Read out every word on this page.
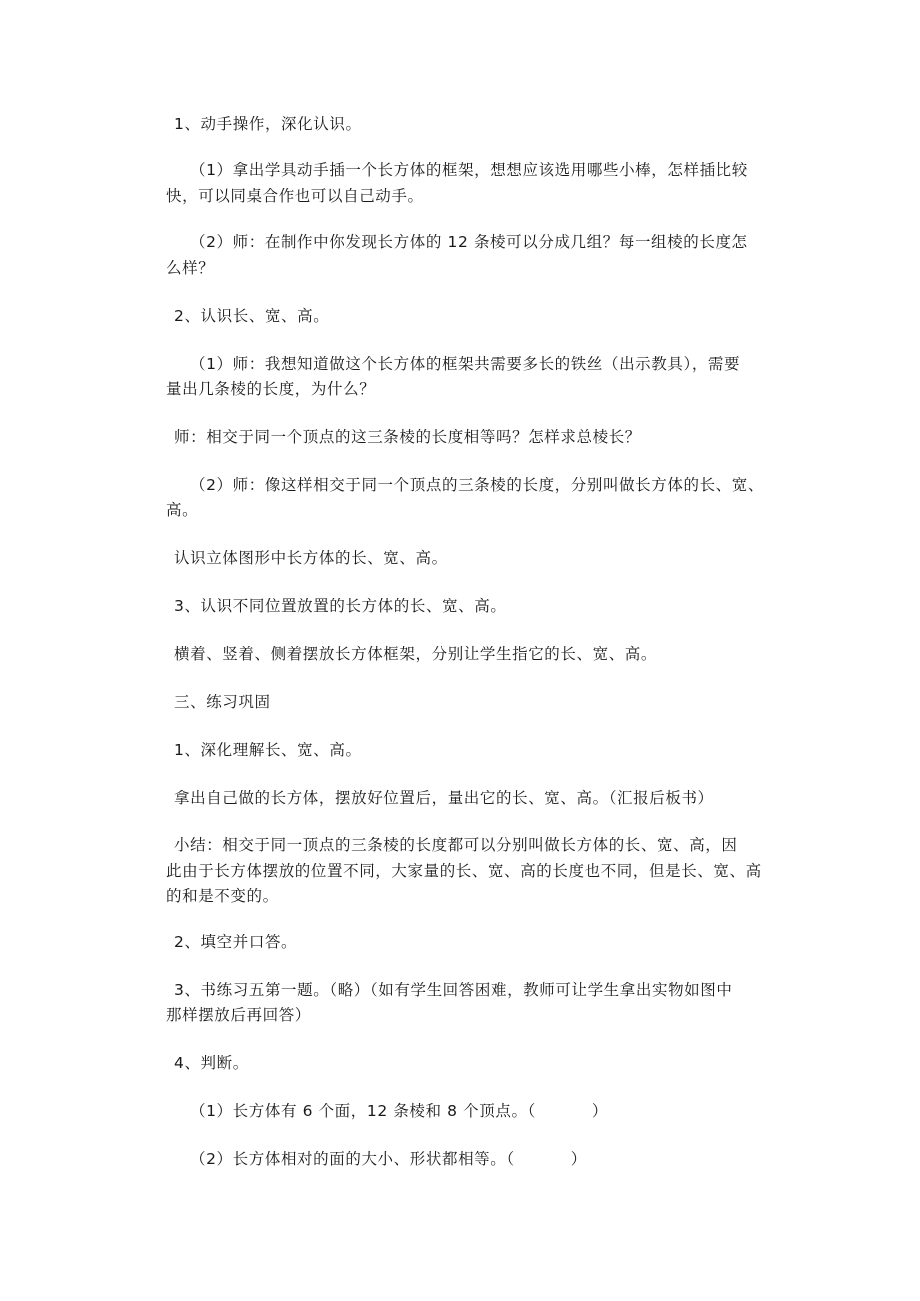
1、动手操作，深化认识。
（1）拿出学具动手插一个长方体的框架，想想应该选用哪些小棒，怎样插比较
快，可以同桌合作也可以自己动手。
（2）师：在制作中你发现长方体的 12 条棱可以分成几组？每一组棱的长度怎
么样？
2、认识长、宽、高。
（1）师：我想知道做这个长方体的框架共需要多长的铁丝（出示教具），需要
量出几条棱的长度，为什么？
师：相交于同一个顶点的这三条棱的长度相等吗？怎样求总棱长？
（2）师：像这样相交于同一个顶点的三条棱的长度，分别叫做长方体的长、宽、
高。
认识立体图形中长方体的长、宽、高。
3、认识不同位置放置的长方体的长、宽、高。
横着、竖着、侧着摆放长方体框架，分别让学生指它的长、宽、高。
三、练习巩固
1、深化理解长、宽、高。
拿出自己做的长方体，摆放好位置后，量出它的长、宽、高。（汇报后板书）
小结：相交于同一顶点的三条棱的长度都可以分别叫做长方体的长、宽、高，因
此由于长方体摆放的位置不同，大家量的长、宽、高的长度也不同，但是长、宽、高
的和是不变的。
2、填空并口答。
3、书练习五第一题。（略）（如有学生回答困难，教师可让学生拿出实物如图中
那样摆放后再回答）
4、判断。
（1）长方体有 6 个面，12 条棱和 8 个顶点。（	）
（2）长方体相对的面的大小、形状都相等。（	）
